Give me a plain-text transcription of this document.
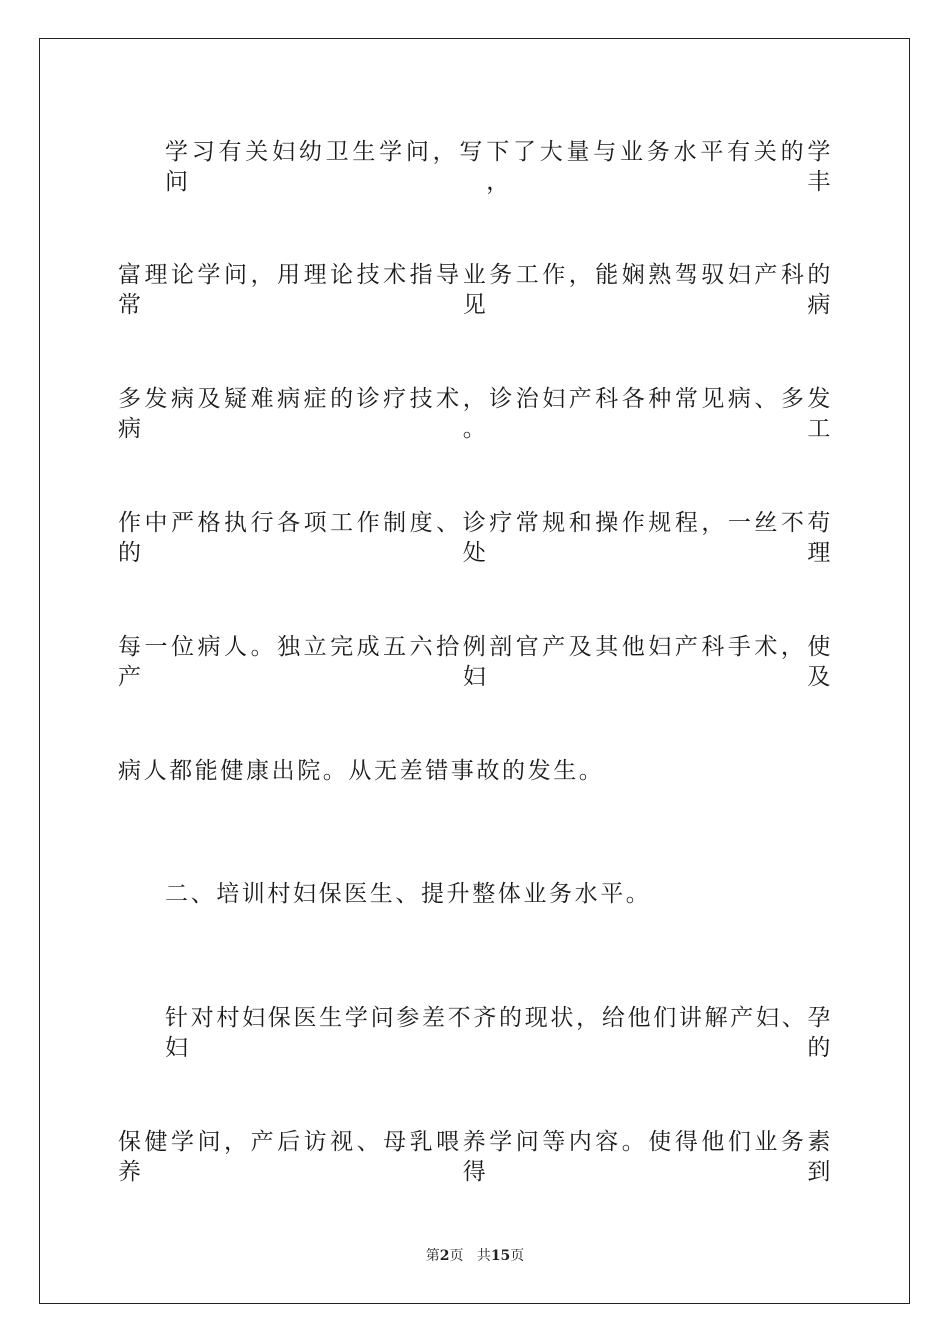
学习有关妇幼卫生学问，写下了大量与业务水平有关的学问，丰
富理论学问，用理论技术指导业务工作，能娴熟驾驭妇产科的常见病
多发病及疑难病症的诊疗技术，诊治妇产科各种常见病、多发病。工
作中严格执行各项工作制度、诊疗常规和操作规程，一丝不苟的处理
每一位病人。独立完成五六拾例剖官产及其他妇产科手术，使产妇及
病人都能健康出院。从无差错事故的发生。
二、培训村妇保医生、提升整体业务水平。
针对村妇保医生学问参差不齐的现状，给他们讲解产妇、孕妇的
保健学问，产后访视、母乳喂养学问等内容。使得他们业务素养得到
第2页 共15页
